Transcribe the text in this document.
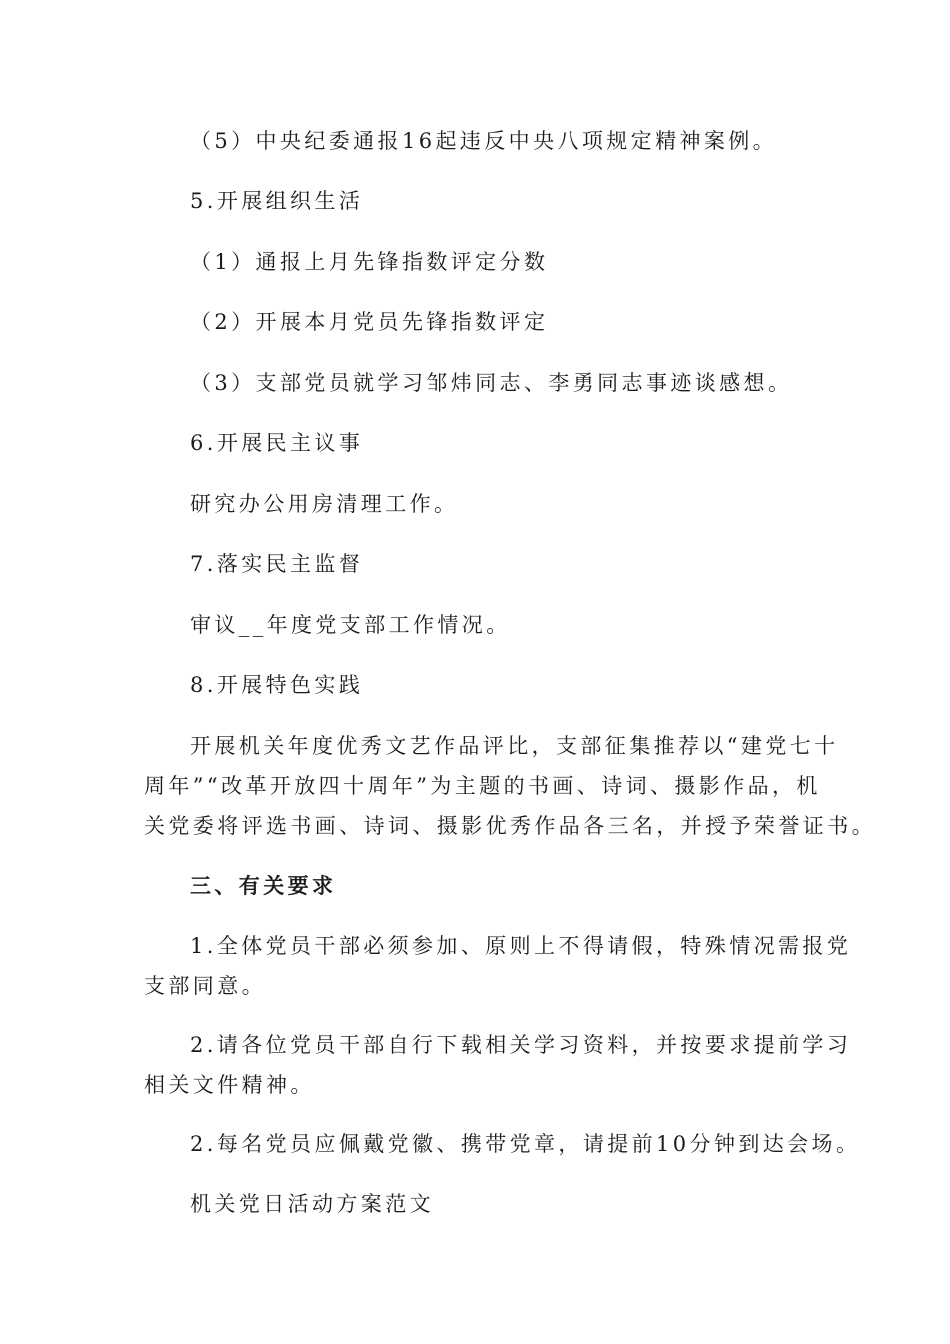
（5）中央纪委通报16起违反中央八项规定精神案例。
5.开展组织生活
（1）通报上月先锋指数评定分数
（2）开展本月党员先锋指数评定
（3）支部党员就学习邹炜同志、李勇同志事迹谈感想。
6.开展民主议事
研究办公用房清理工作。
7.落实民主监督
审议__年度党支部工作情况。
8.开展特色实践
开展机关年度优秀文艺作品评比，支部征集推荐以“建党七十
周年”“改革开放四十周年”为主题的书画、诗词、摄影作品，机
关党委将评选书画、诗词、摄影优秀作品各三名，并授予荣誉证书。
三、有关要求
1.全体党员干部必须参加、原则上不得请假，特殊情况需报党
支部同意。
2.请各位党员干部自行下载相关学习资料，并按要求提前学习
相关文件精神。
2.每名党员应佩戴党徽、携带党章，请提前10分钟到达会场。
机关党日活动方案范文
